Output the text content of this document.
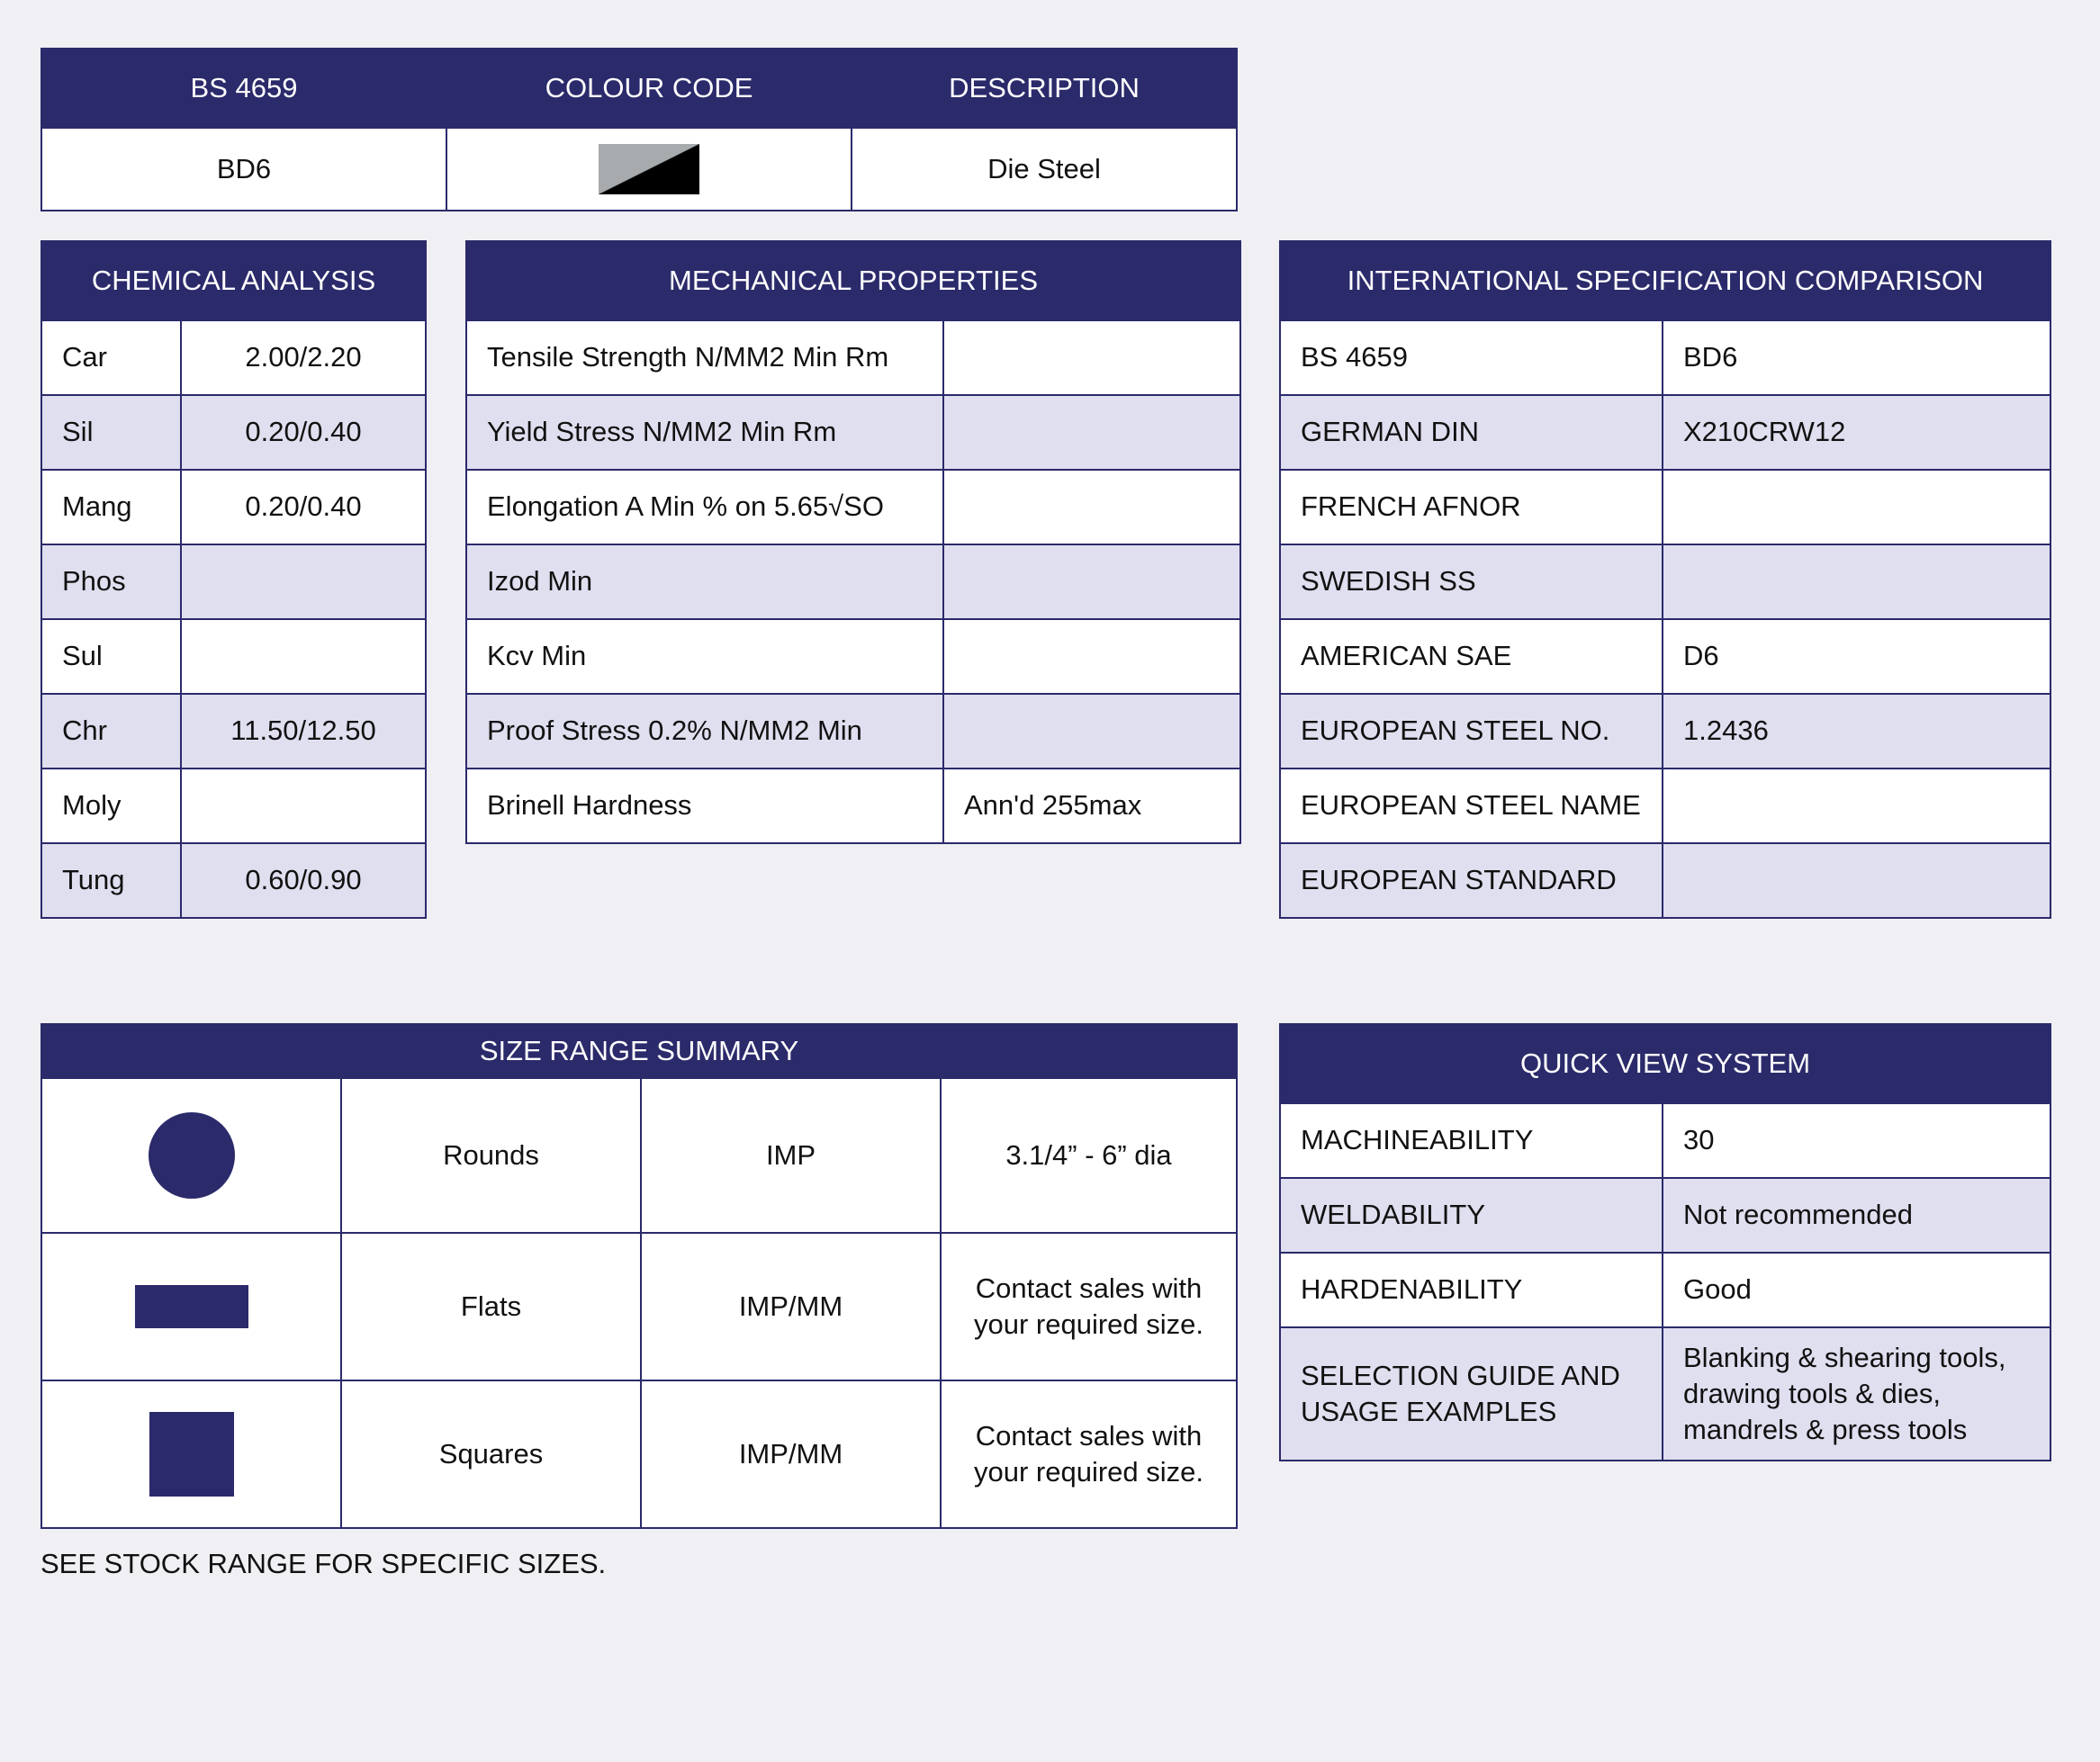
BS 4659	COLOUR CODE	DESCRIPTION
BD6		Die Steel
CHEMICAL ANALYSIS	
Car	2.00/2.20
Sil	0.20/0.40
Mang	0.20/0.40
Phos	
Sul	
Chr	11.50/12.50
Moly	
Tung	0.60/0.90
MECHANICAL PROPERTIES	
Tensile Strength N/MM2 Min Rm	
Yield Stress N/MM2 Min Rm	
Elongation A Min % on 5.65√SO	
Izod Min	
Kcv Min	
Proof Stress 0.2% N/MM2 Min	
Brinell Hardness	Ann'd 255max
INTERNATIONAL SPECIFICATION COMPARISON	
BS 4659	BD6
GERMAN DIN	X210CRW12
FRENCH AFNOR	
SWEDISH SS	
AMERICAN SAE	D6
EUROPEAN STEEL NO.	1.2436
EUROPEAN STEEL NAME	
EUROPEAN STANDARD	
SIZE RANGE SUMMARY			
	Rounds	IMP	3.1/4” - 6” dia
	Flats	IMP/MM	Contact sales with your required size.
	Squares	IMP/MM	Contact sales with your required size.
SEE STOCK RANGE FOR SPECIFIC SIZES.
QUICK VIEW SYSTEM	
MACHINEABILITY	30
WELDABILITY	Not recommended
HARDENABILITY	Good
SELECTION GUIDE AND USAGE EXAMPLES	Blanking & shearing tools, drawing tools & dies, mandrels & press tools
